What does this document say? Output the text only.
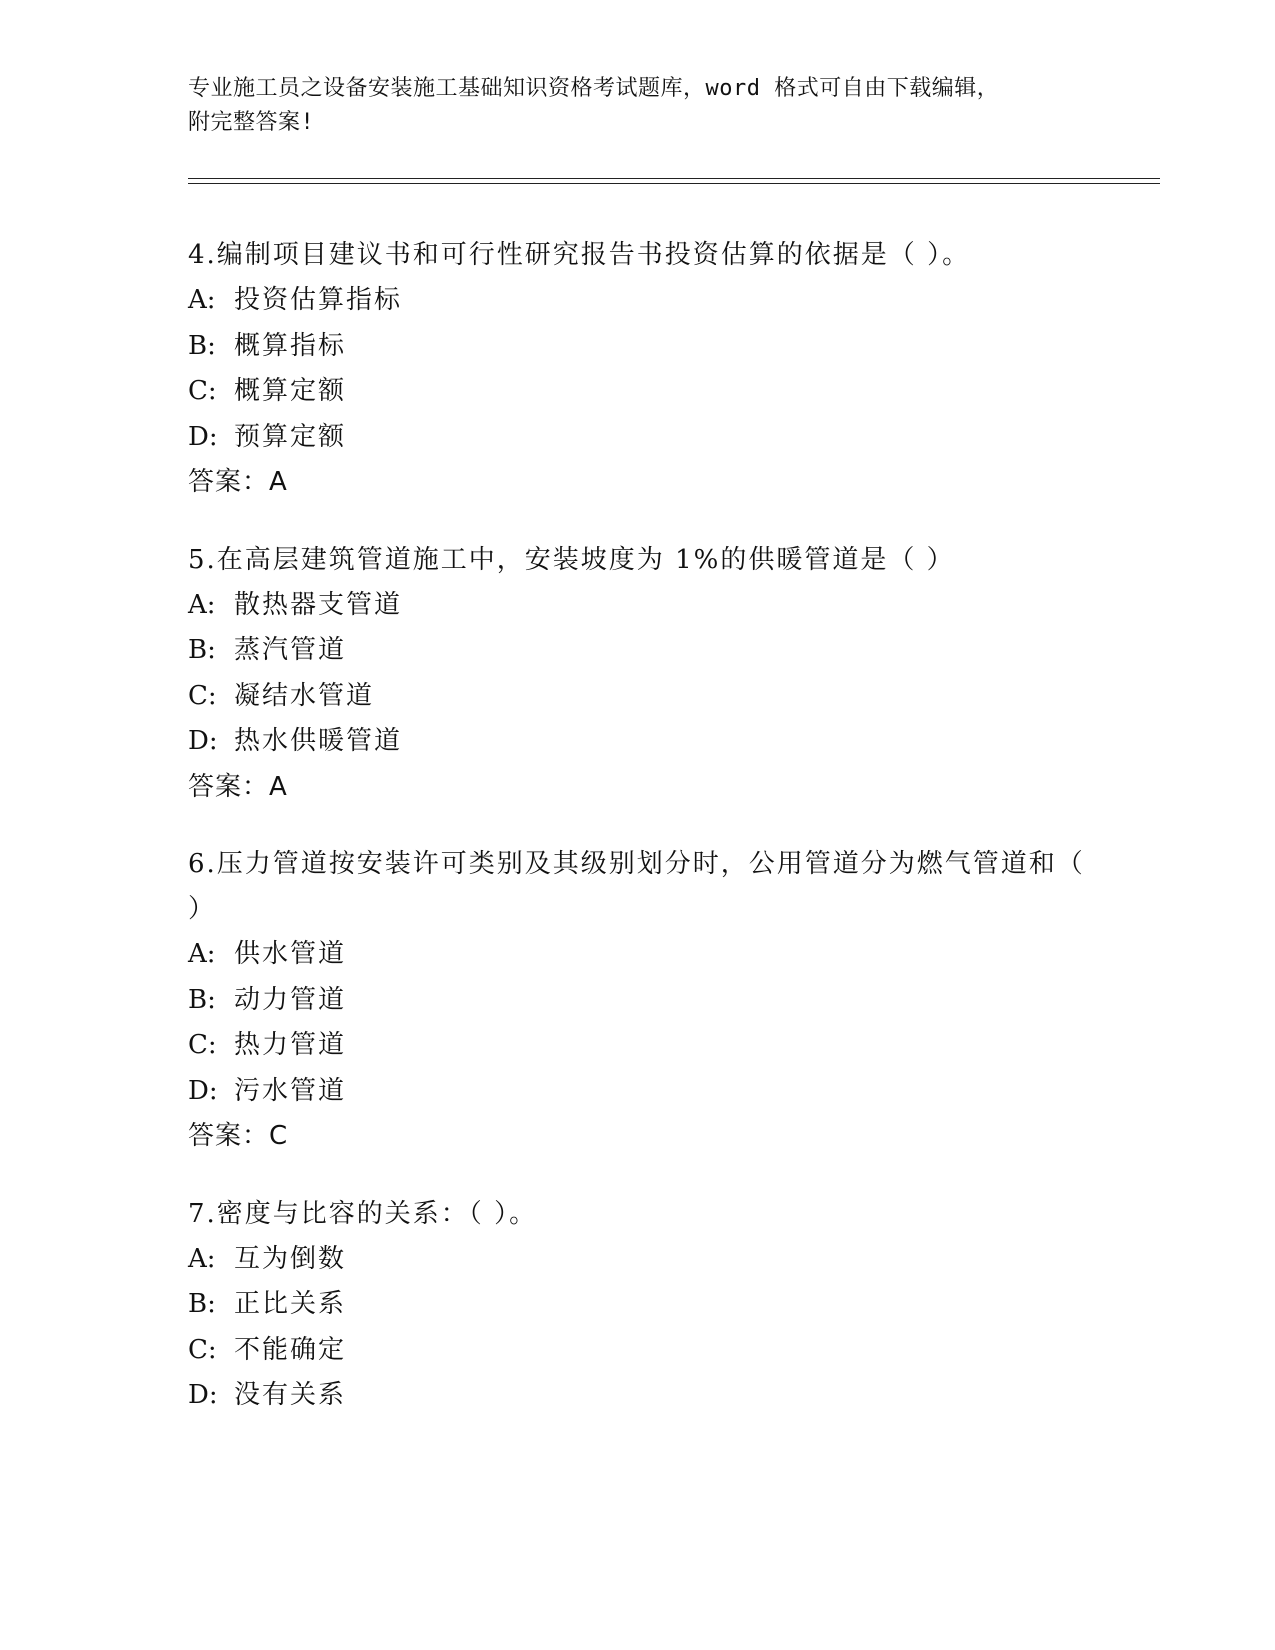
专业施工员之设备安装施工基础知识资格考试题库，word 格式可自由下载编辑，
附完整答案!

4.编制项目建议书和可行性研究报告书投资估算的依据是（ ）。

A: 投资估算指标

B: 概算指标

C: 概算定额

D: 预算定额

答案：A

5.在高层建筑管道施工中，安装坡度为 1%的供暖管道是（ ）

A: 散热器支管道

B: 蒸汽管道

C: 凝结水管道

D: 热水供暖管道

答案：A

6.压力管道按安装许可类别及其级别划分时，公用管道分为燃气管道和（ ）

A: 供水管道

B: 动力管道

C: 热力管道

D: 污水管道

答案：C

7.密度与比容的关系：（ ）。

A: 互为倒数

B: 正比关系

C: 不能确定

D: 没有关系
